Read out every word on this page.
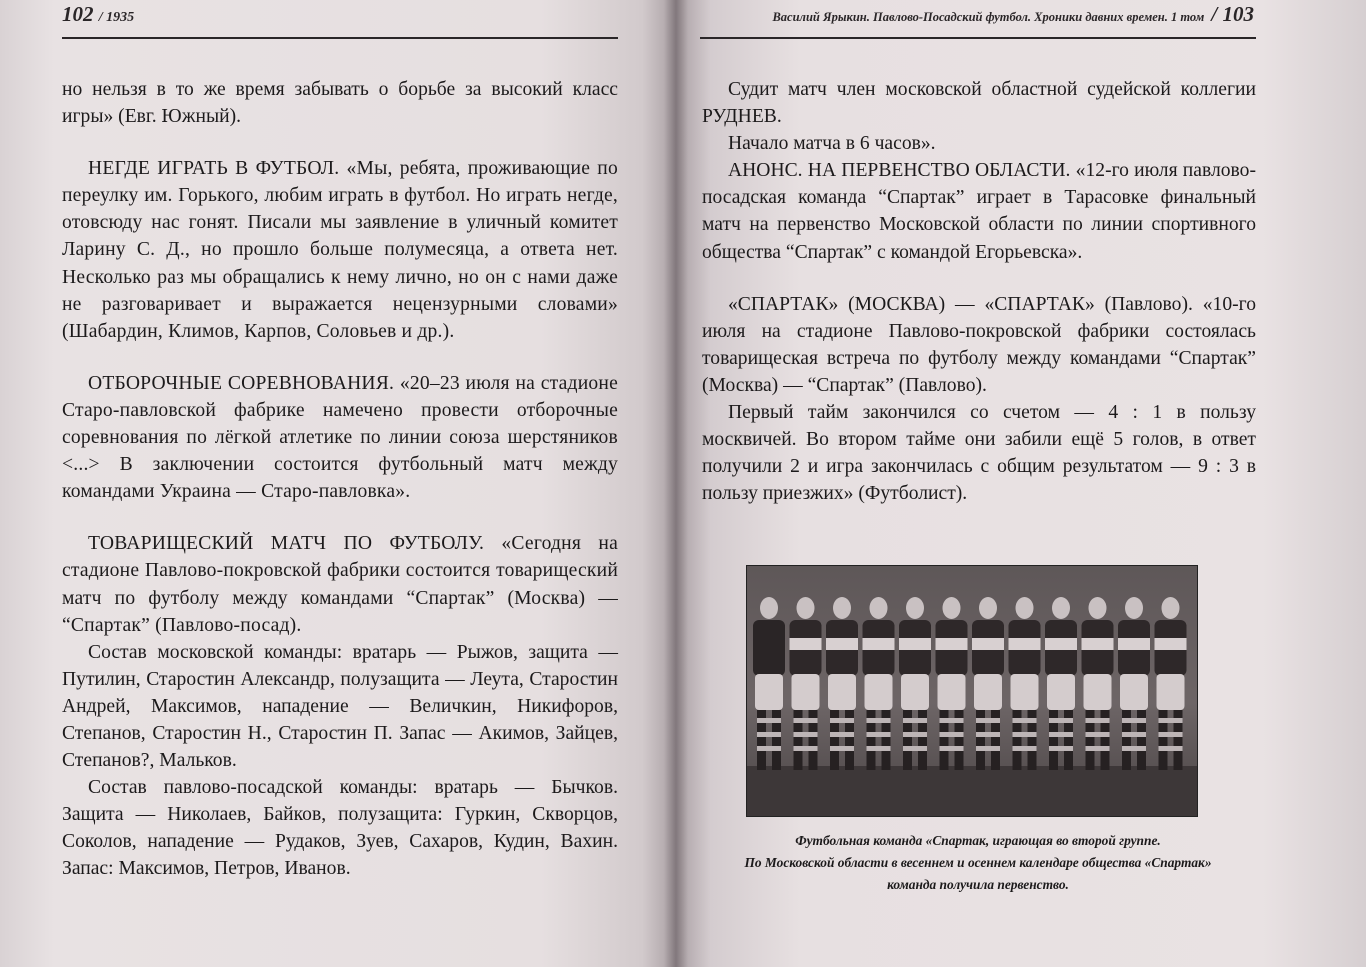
102 / 1935

но нельзя в то же время забывать о борьбе за высокий класс игры» (Евг. Южный).

НЕГДЕ ИГРАТЬ В ФУТБОЛ. «Мы, ребята, проживающие по переулку им. Горького, любим играть в футбол. Но играть негде, отовсюду нас гонят. Писали мы заявление в уличный комитет Ларину С. Д., но прошло больше полумесяца, а ответа нет. Несколько раз мы обращались к нему лично, но он с нами даже не разговаривает и выражается нецензурными словами» (Шабардин, Климов, Карпов, Соловьев и др.).

ОТБОРОЧНЫЕ СОРЕВНОВАНИЯ. «20–23 июля на стадионе Старо-павловской фабрике намечено провести отборочные соревнования по лёгкой атлетике по линии союза шерстяников <...> В заключении состоится футбольный матч между командами Украина — Старо-павловка».

ТОВАРИЩЕСКИЙ МАТЧ ПО ФУТБОЛУ. «Сегодня на стадионе Павлово-покровской фабрики состоится товарищеский матч по футболу между командами “Спартак” (Москва) — “Спартак” (Павлово-посад).

Состав московской команды: вратарь — Рыжов, защита — Путилин, Старостин Александр, полузащита — Леута, Старостин Андрей, Максимов, нападение — Величкин, Никифоров, Степанов, Старостин Н., Старостин П. Запас — Акимов, Зайцев, Степанов?, Мальков.

Состав павлово-посадской команды: вратарь — Бычков. Защита — Николаев, Байков, полузащита: Гуркин, Скворцов, Соколов, нападение — Рудаков, Зуев, Сахаров, Кудин, Вахин. Запас: Максимов, Петров, Иванов.

Василий Ярыкин. Павлово-Посадский футбол. Хроники давних времен. 1 том / 103

Судит матч член московской областной судейской коллегии РУДНЕВ.

Начало матча в 6 часов».

АНОНС. НА ПЕРВЕНСТВО ОБЛАСТИ. «12-го июля павлово-посадская команда “Спартак” играет в Тарасовке финальный матч на первенство Московской области по линии спортивного общества “Спартак” с командой Егорьевска».

«СПАРТАК» (МОСКВА) — «СПАРТАК» (Павлово). «10-го июля на стадионе Павлово-покровской фабрики состоялась товарищеская встреча по футболу между командами “Спартак” (Москва) — “Спартак” (Павлово).

Первый тайм закончился со счетом — 4 : 1 в пользу москвичей. Во втором тайме они забили ещё 5 голов, в ответ получили 2 и игра закончилась с общим результатом — 9 : 3 в пользу приезжих» (Футболист).

Футбольная команда «Спартак, играющая во второй группе.
По Московской области в весеннем и осеннем календаре общества «Спартак»
команда получила первенство.
